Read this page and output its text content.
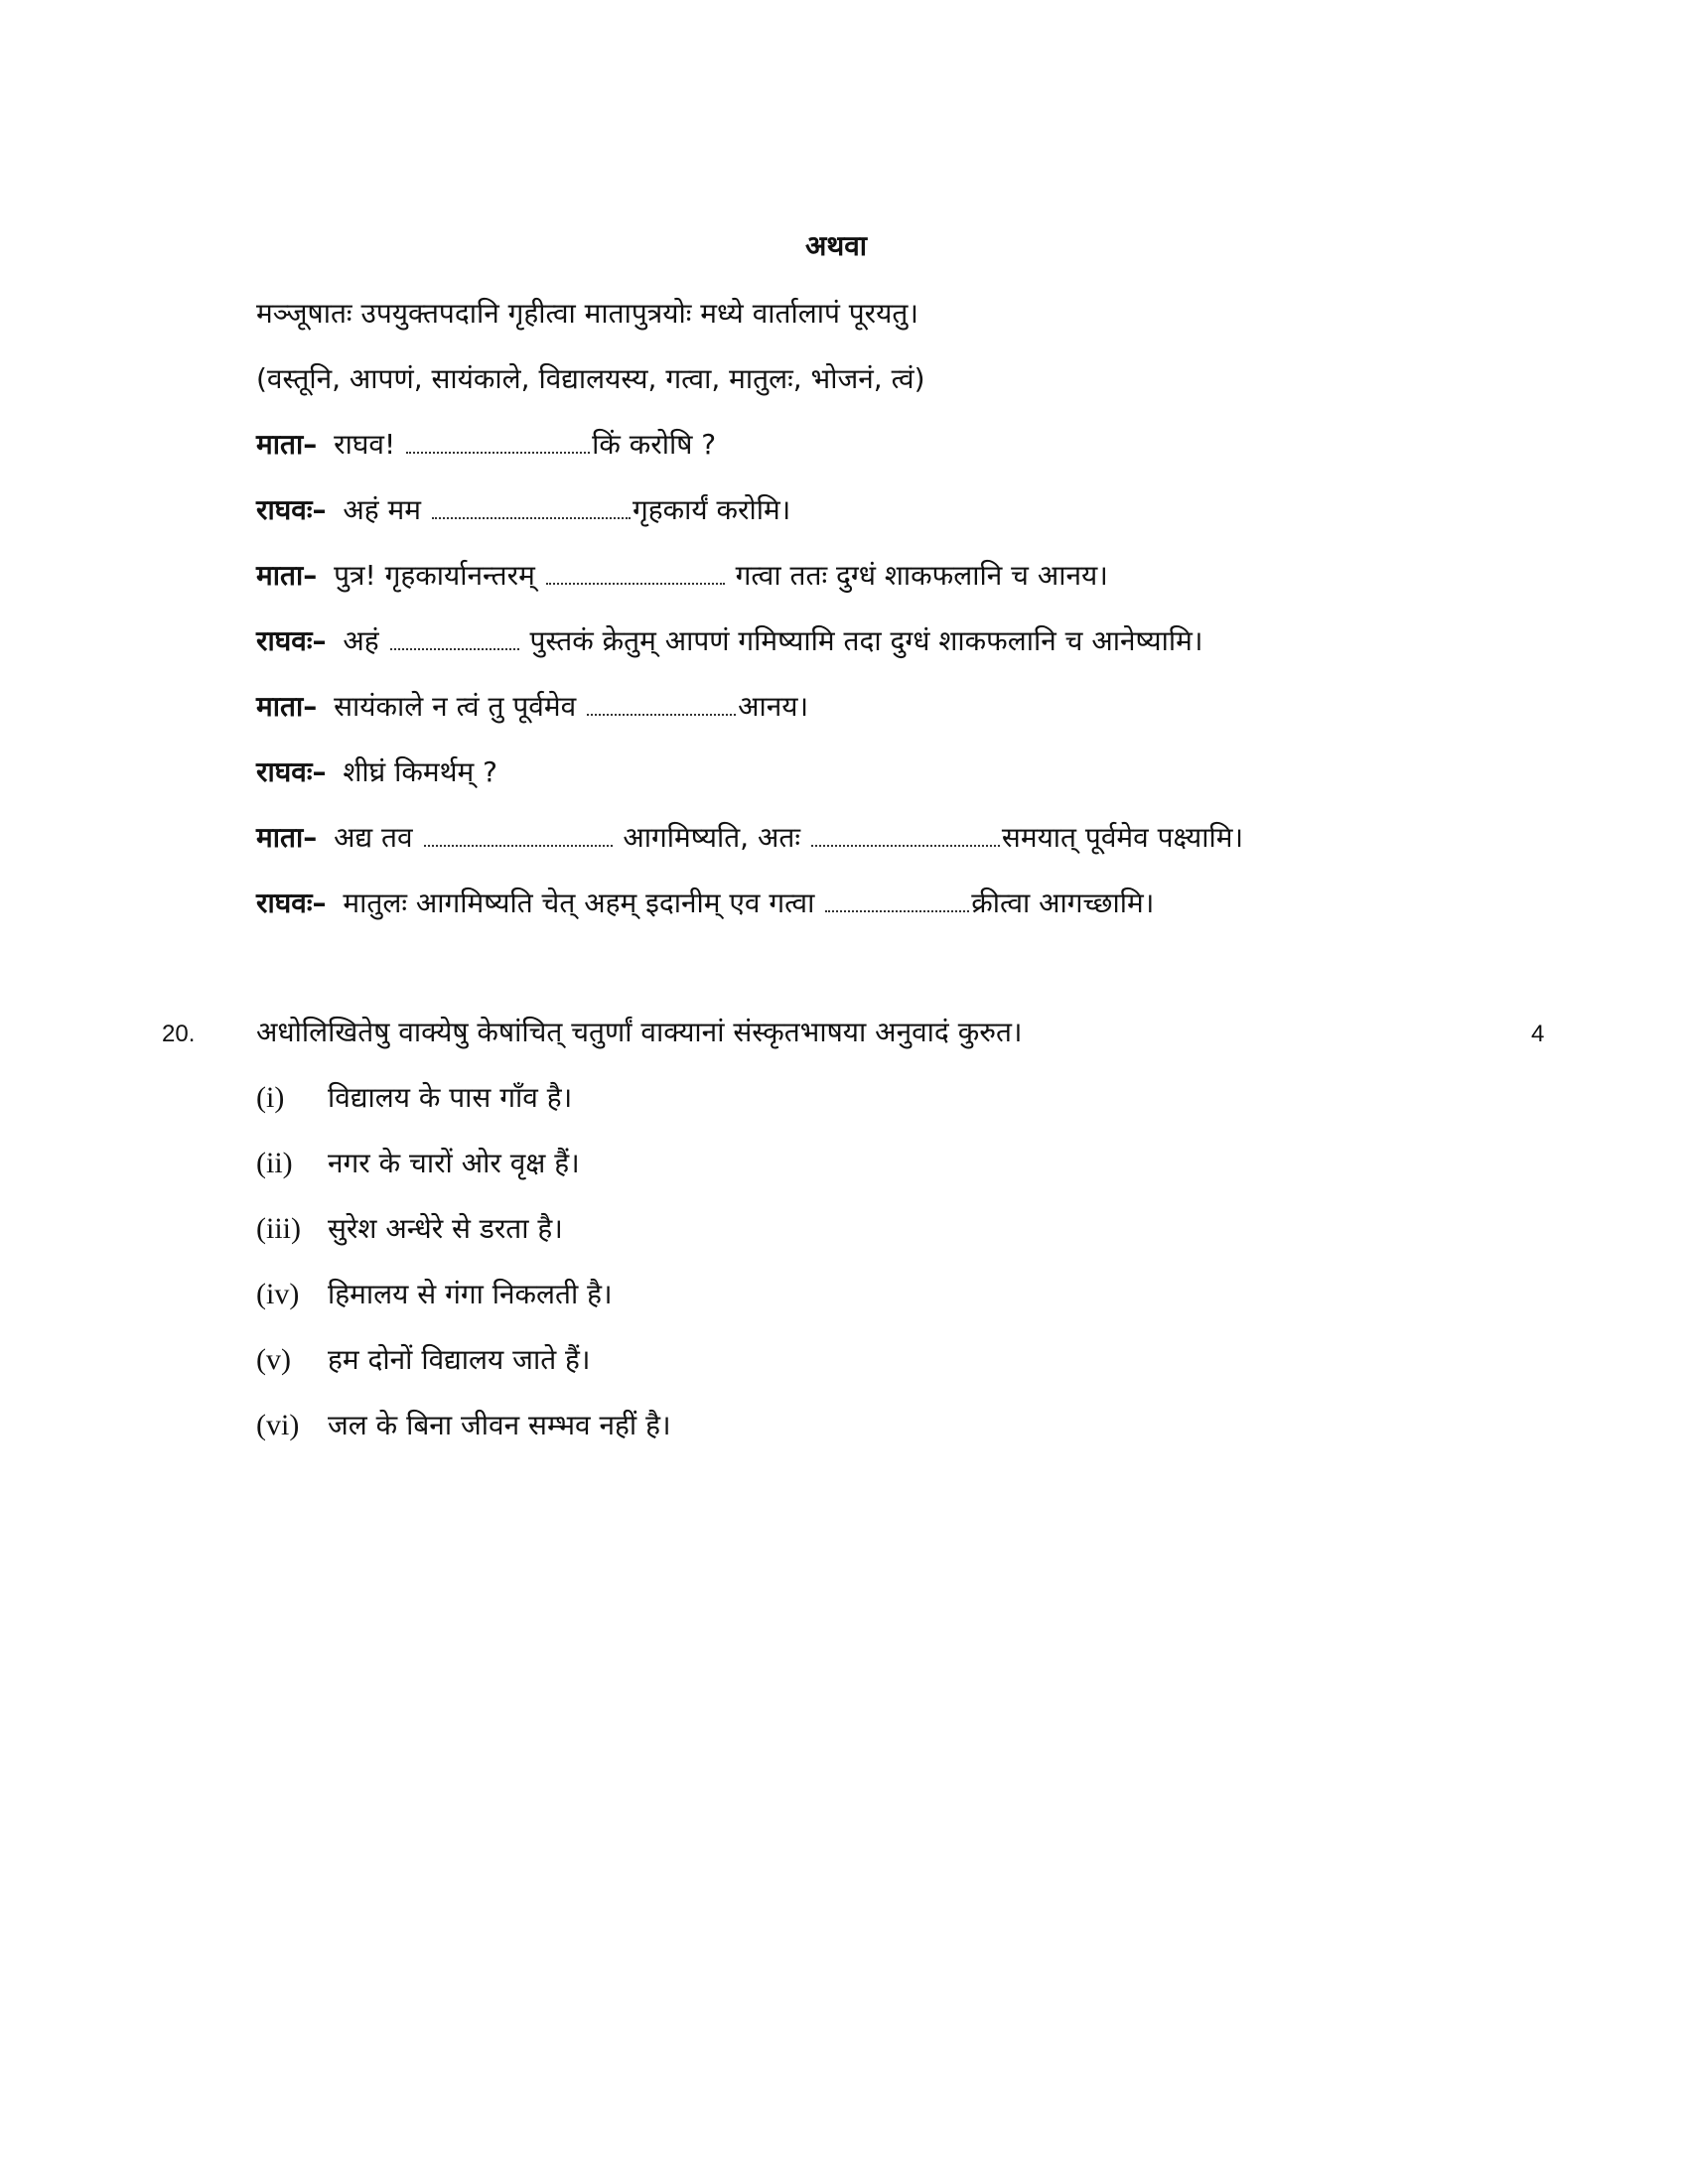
अथवा
मञ्जूषातः उपयुक्तपदानि गृहीत्वा मातापुत्रयोः मध्ये वार्तालापं पूरयतु।
(वस्तूनि, आपणं, सायंकाले, विद्यालयस्य, गत्वा, मातुलः, भोजनं, त्वं)
माता– राघव!	किं करोषि ?
राघवः– अहं मम	गृहकार्यं करोमि।
माता– पुत्र! गृहकार्यानन्तरम्	गत्वा ततः दुग्धं शाकफलानि च आनय।
राघवः– अहं	पुस्तकं क्रेतुम् आपणं गमिष्यामि तदा दुग्धं शाकफलानि च आनेष्यामि।
माता– सायंकाले न त्वं तु पूर्वमेव	आनय।
राघवः– शीघ्रं किमर्थम् ?
माता– अद्य तव	आगमिष्यति, अतः	समयात् पूर्वमेव पक्ष्यामि।
राघवः– मातुलः आगमिष्यति चेत् अहम् इदानीम् एव गत्वा	क्रीत्वा आगच्छामि।
20. अधोलिखितेषु वाक्येषु केषांचित् चतुर्णां वाक्यानां संस्कृतभाषया अनुवादं कुरुत।	4
(i) विद्यालय के पास गाँव है।
(ii) नगर के चारों ओर वृक्ष हैं।
(iii) सुरेश अन्धेरे से डरता है।
(iv) हिमालय से गंगा निकलती है।
(v) हम दोनों विद्यालय जाते हैं।
(vi) जल के बिना जीवन सम्भव नहीं है।
